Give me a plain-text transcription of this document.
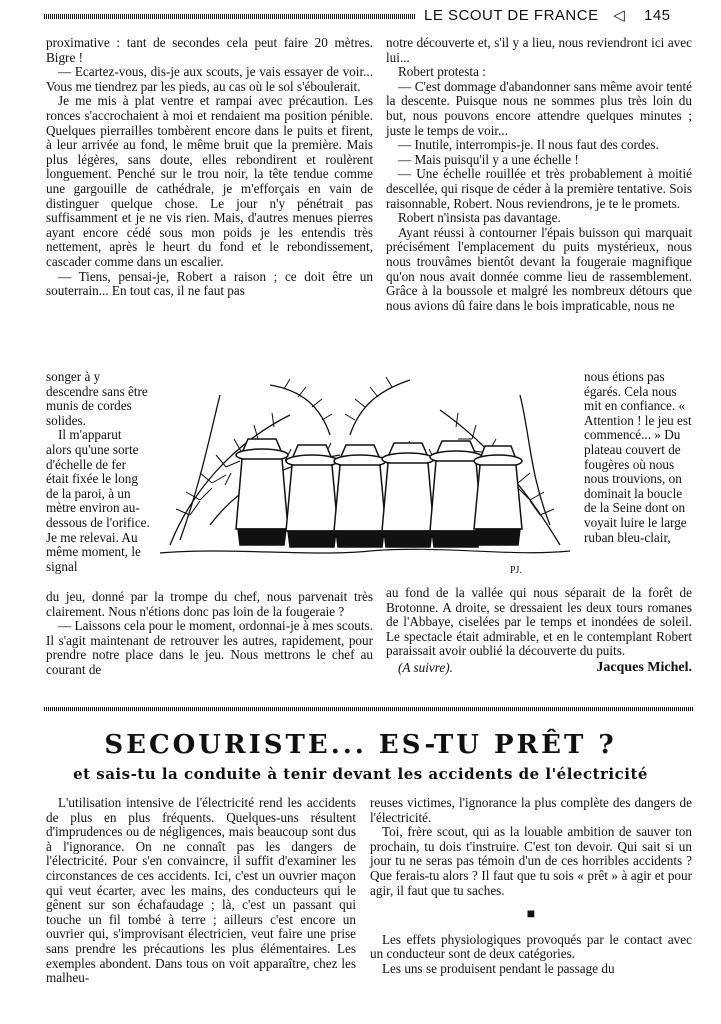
LE SCOUT DE FRANCE ◁ 145

proximative : tant de secondes cela peut faire 20 mètres. Bigre !

— Ecartez-vous, dis-je aux scouts, je vais essayer de voir... Vous me tiendrez par les pieds, au cas où le sol s'éboulerait.

Je me mis à plat ventre et rampai avec précaution. Les ronces s'accrochaient à moi et rendaient ma position pénible. Quelques pierrailles tombèrent encore dans le puits et firent, à leur arrivée au fond, le même bruit que la première. Mais plus légères, sans doute, elles rebondirent et roulèrent longuement. Penché sur le trou noir, la tête tendue comme une gargouille de cathédrale, je m'efforçais en vain de distinguer quelque chose. Le jour n'y pénétrait pas suffisamment et je ne vis rien. Mais, d'autres menues pierres ayant encore cédé sous mon poids je les entendis très nettement, après le heurt du fond et le rebondissement, cascader comme dans un escalier.

— Tiens, pensai-je, Robert a raison ; ce doit être un souterrain... En tout cas, il ne faut pas

songer à y descendre sans être munis de cordes solides.

Il m'apparut alors qu'une sorte d'échelle de fer était fixée le long de la paroi, à un mètre environ au-dessous de l'orifice. Je me relevai. Au même moment, le signal

du jeu, donné par la trompe du chef, nous parvenait très clairement. Nous n'étions donc pas loin de la fougeraie ?

— Laissons cela pour le moment, ordonnai-je à mes scouts. Il s'agit maintenant de retrouver les autres, rapidement, pour prendre notre place dans le jeu. Nous mettrons le chef au courant de

notre découverte et, s'il y a lieu, nous reviendront ici avec lui...

Robert protesta :

— C'est dommage d'abandonner sans même avoir tenté la descente. Puisque nous ne sommes plus très loin du but, nous pouvons encore attendre quelques minutes ; juste le temps de voir...

— Inutile, interrompis-je. Il nous faut des cordes.

— Mais puisqu'il y a une échelle !

— Une échelle rouillée et très probablement à moitié descellée, qui risque de céder à la première tentative. Sois raisonnable, Robert. Nous reviendrons, je te le promets.

Robert n'insista pas davantage.

Ayant réussi à contourner l'épais buisson qui marquait précisément l'emplacement du puits mystérieux, nous nous trouvâmes bientôt devant la fougeraie magnifique qu'on nous avait donnée comme lieu de rassemblement. Grâce à la boussole et malgré les nombreux détours que nous avions dû faire dans le bois impraticable, nous ne

nous étions pas égarés. Cela nous mit en confiance. « Attention ! le jeu est commencé... » Du plateau couvert de fougères où nous nous trouvions, on dominait la boucle de la Seine dont on voyait luire le large ruban bleu-clair,

au fond de la vallée qui nous séparait de la forêt de Brotonne. A droite, se dressaient les deux tours romanes de l'Abbaye, ciselées par le temps et inondées de soleil. Le spectacle était admirable, et en le contemplant Robert paraissait avoir oublié la découverte du puits.

(A suivre).	Jacques Michel.
PJ.
SECOURISTE... ES-TU PRÊT ?
et sais-tu la conduite à tenir devant les accidents de l'électricité

L'utilisation intensive de l'électricité rend les accidents de plus en plus fréquents. Quelques-uns résultent d'imprudences ou de négligences, mais beaucoup sont dus à l'ignorance. On ne connaît pas les dangers de l'électricité. Pour s'en convaincre, il suffit d'examiner les circonstances de ces accidents. Ici, c'est un ouvrier maçon qui veut écarter, avec les mains, des conducteurs qui le gênent sur son échafaudage ; là, c'est un passant qui touche un fil tombé à terre ; ailleurs c'est encore un ouvrier qui, s'improvisant électricien, veut faire une prise sans prendre les précautions les plus élémentaires. Les exemples abondent. Dans tous on voit apparaître, chez les malheu-

reuses victimes, l'ignorance la plus complète des dangers de l'électricité.

Toi, frère scout, qui as la louable ambition de sauver ton prochain, tu dois t'instruire. C'est ton devoir. Qui sait si un jour tu ne seras pas témoin d'un de ces horribles accidents ? Que ferais-tu alors ? Il faut que tu sois « prêt » à agir et pour agir, il faut que tu saches.

■

Les effets physiologiques provoqués par le contact avec un conducteur sont de deux catégories.

Les uns se produisent pendant le passage du
